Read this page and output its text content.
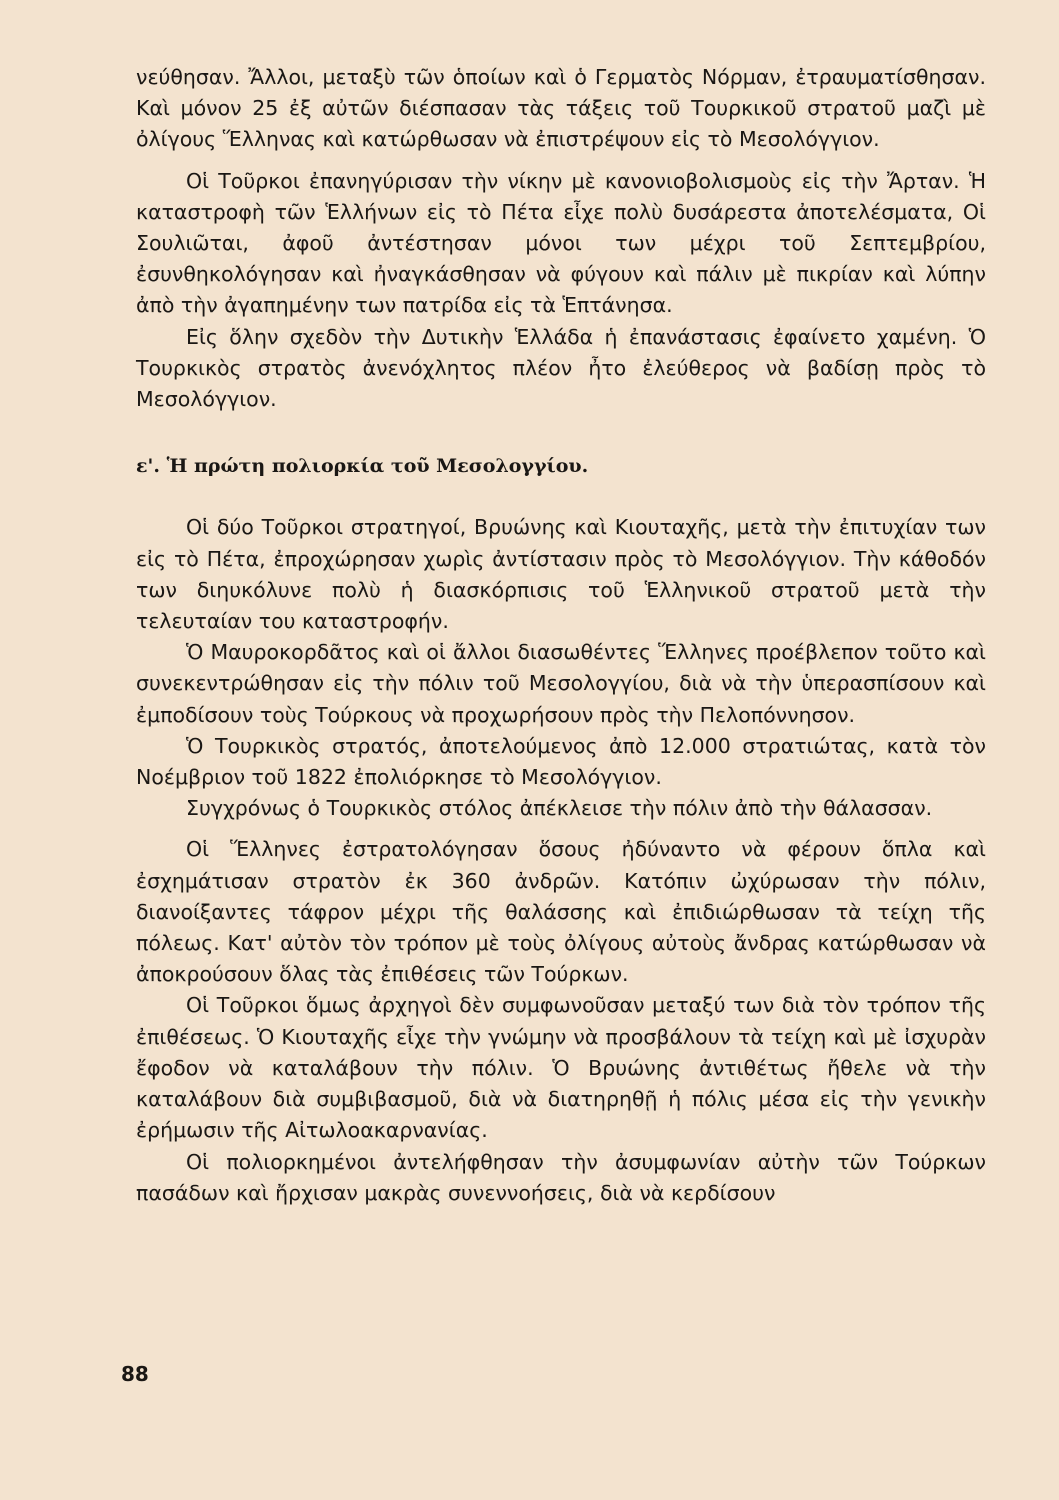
νεύθησαν. Ἄλλοι, μεταξὺ τῶν ὁποίων καὶ ὁ Γερματὸς Νόρμαν, ἐτραυματίσθησαν. Καὶ μόνον 25 ἐξ αὐτῶν διέσπασαν τὰς τάξεις τοῦ Τουρκικοῦ στρατοῦ μαζὶ μὲ ὀλίγους Ἕλληνας καὶ κατώρθωσαν νὰ ἐπιστρέψουν εἰς τὸ Μεσολόγγιον.

Οἱ Τοῦρκοι ἐπανηγύρισαν τὴν νίκην μὲ κανονιοβολισμοὺς εἰς τὴν Ἄρταν. Ἡ καταστροφὴ τῶν Ἑλλήνων εἰς τὸ Πέτα εἶχε πολὺ δυσάρεστα ἀποτελέσματα, Οἱ Σουλιῶται, ἀφοῦ ἀντέστησαν μόνοι των μέχρι τοῦ Σεπτεμβρίου, ἐσυνθηκολόγησαν καὶ ἠναγκάσθησαν νὰ φύγουν καὶ πάλιν μὲ πικρίαν καὶ λύπην ἀπὸ τὴν ἀγαπημένην των πατρίδα εἰς τὰ Ἑπτάνησα.

Εἰς ὅλην σχεδὸν τὴν Δυτικὴν Ἑλλάδα ἡ ἐπανάστασις ἐφαίνετο χαμένη. Ὁ Τουρκικὸς στρατὸς ἀνενόχλητος πλέον ἦτο ἐλεύθερος νὰ βαδίσῃ πρὸς τὸ Μεσολόγγιον.

ε'. Ἡ πρώτη πολιορκία τοῦ Μεσολογγίου.

Οἱ δύο Τοῦρκοι στρατηγοί, Βρυώνης καὶ Κιουταχῆς, μετὰ τὴν ἐπιτυχίαν των εἰς τὸ Πέτα, ἐπροχώρησαν χωρὶς ἀντίστασιν πρὸς τὸ Μεσολόγγιον. Τὴν κάθοδόν των διηυκόλυνε πολὺ ἡ διασκόρπισις τοῦ Ἑλληνικοῦ στρατοῦ μετὰ τὴν τελευταίαν του καταστροφήν.

Ὁ Μαυροκορδᾶτος καὶ οἱ ἄλλοι διασωθέντες Ἕλληνες προέβλεπον τοῦτο καὶ συνεκεντρώθησαν εἰς τὴν πόλιν τοῦ Μεσολογγίου, διὰ νὰ τὴν ὑπερασπίσουν καὶ ἐμποδίσουν τοὺς Τούρκους νὰ προχωρήσουν πρὸς τὴν Πελοπόννησον.

Ὁ Τουρκικὸς στρατός, ἀποτελούμενος ἀπὸ 12.000 στρατιώτας, κατὰ τὸν Νοέμβριον τοῦ 1822 ἐπολιόρκησε τὸ Μεσολόγγιον.

Συγχρόνως ὁ Τουρκικὸς στόλος ἀπέκλεισε τὴν πόλιν ἀπὸ τὴν θάλασσαν.

Οἱ Ἕλληνες ἐστρατολόγησαν ὅσους ἠδύναντο νὰ φέρουν ὅπλα καὶ ἐσχημάτισαν στρατὸν ἐκ 360 ἀνδρῶν. Κατόπιν ὠχύρωσαν τὴν πόλιν, διανοίξαντες τάφρον μέχρι τῆς θαλάσσης καὶ ἐπιδιώρθωσαν τὰ τείχη τῆς πόλεως. Κατ' αὐτὸν τὸν τρόπον μὲ τοὺς ὀλίγους αὐτοὺς ἄνδρας κατώρθωσαν νὰ ἀποκρούσουν ὅλας τὰς ἐπιθέσεις τῶν Τούρκων.

Οἱ Τοῦρκοι ὅμως ἀρχηγοὶ δὲν συμφωνοῦσαν μεταξύ των διὰ τὸν τρόπον τῆς ἐπιθέσεως. Ὁ Κιουταχῆς εἶχε τὴν γνώμην νὰ προσβάλουν τὰ τείχη καὶ μὲ ἰσχυρὰν ἔφοδον νὰ καταλάβουν τὴν πόλιν. Ὁ Βρυώνης ἀντιθέτως ἤθελε νὰ τὴν καταλάβουν διὰ συμβιβασμοῦ, διὰ νὰ διατηρηθῇ ἡ πόλις μέσα εἰς τὴν γενικὴν ἐρήμωσιν τῆς Αἰτωλοακαρνανίας.

Οἱ πολιορκημένοι ἀντελήφθησαν τὴν ἀσυμφωνίαν αὐτὴν τῶν Τούρκων πασάδων καὶ ἤρχισαν μακρὰς συνεννοήσεις, διὰ νὰ κερδίσουν

88
